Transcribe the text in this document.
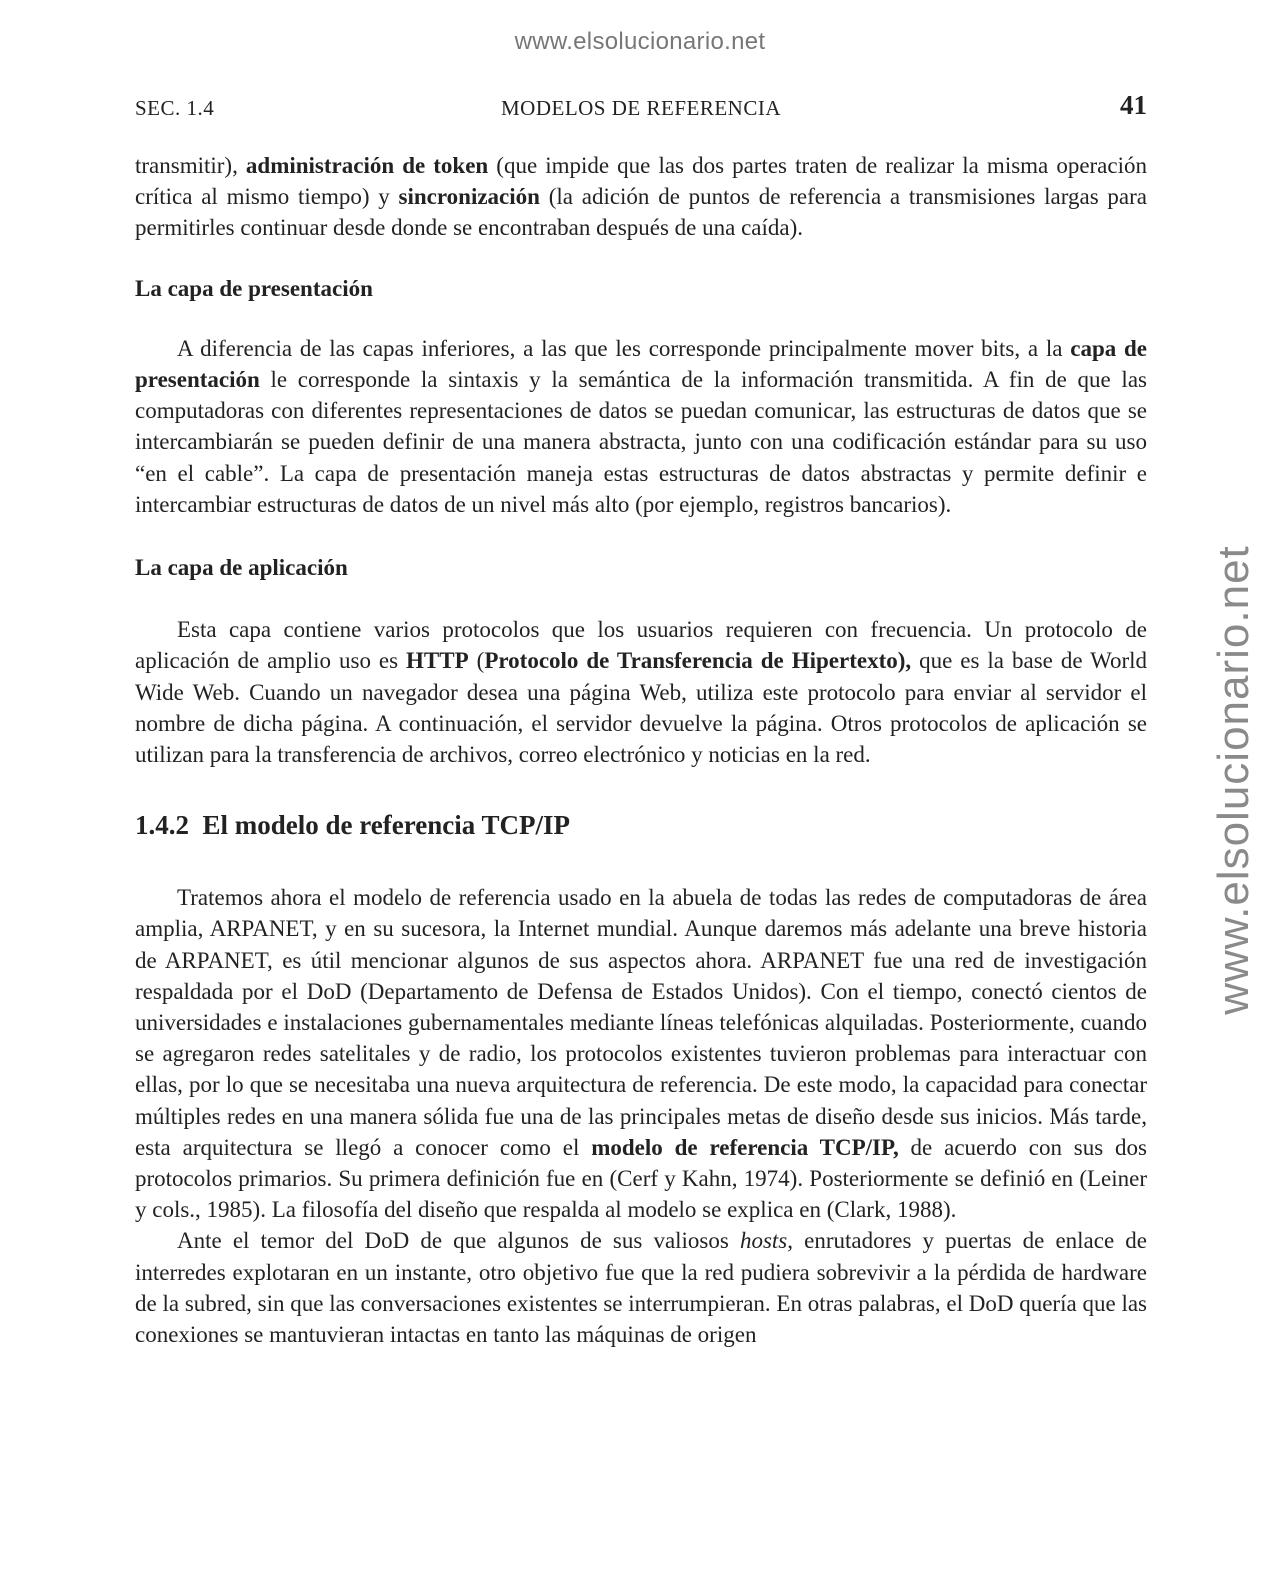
www.elsolucionario.net
www.elsolucionario.net
SEC. 1.4	MODELOS DE REFERENCIA	41

transmitir), administración de token (que impide que las dos partes traten de realizar la misma operación crítica al mismo tiempo) y sincronización (la adición de puntos de referencia a transmisiones largas para permitirles continuar desde donde se encontraban después de una caída).

La capa de presentación

A diferencia de las capas inferiores, a las que les corresponde principalmente mover bits, a la capa de presentación le corresponde la sintaxis y la semántica de la información transmitida. A fin de que las computadoras con diferentes representaciones de datos se puedan comunicar, las estructuras de datos que se intercambiarán se pueden definir de una manera abstracta, junto con una codificación estándar para su uso “en el cable”. La capa de presentación maneja estas estructuras de datos abstractas y permite definir e intercambiar estructuras de datos de un nivel más alto (por ejemplo, registros bancarios).

La capa de aplicación

Esta capa contiene varios protocolos que los usuarios requieren con frecuencia. Un protocolo de aplicación de amplio uso es HTTP (Protocolo de Transferencia de Hipertexto), que es la base de World Wide Web. Cuando un navegador desea una página Web, utiliza este protocolo para enviar al servidor el nombre de dicha página. A continuación, el servidor devuelve la página. Otros protocolos de aplicación se utilizan para la transferencia de archivos, correo electrónico y noticias en la red.

1.4.2  El modelo de referencia TCP/IP

Tratemos ahora el modelo de referencia usado en la abuela de todas las redes de computadoras de área amplia, ARPANET, y en su sucesora, la Internet mundial. Aunque daremos más adelante una breve historia de ARPANET, es útil mencionar algunos de sus aspectos ahora. ARPANET fue una red de investigación respaldada por el DoD (Departamento de Defensa de Estados Unidos). Con el tiempo, conectó cientos de universidades e instalaciones gubernamentales mediante líneas telefónicas alquiladas. Posteriormente, cuando se agregaron redes satelitales y de radio, los protocolos existentes tuvieron problemas para interactuar con ellas, por lo que se necesitaba una nueva arquitectura de referencia. De este modo, la capacidad para conectar múltiples redes en una manera sólida fue una de las principales metas de diseño desde sus inicios. Más tarde, esta arquitectura se llegó a conocer como el modelo de referencia TCP/IP, de acuerdo con sus dos protocolos primarios. Su primera definición fue en (Cerf y Kahn, 1974). Posteriormente se definió en (Leiner y cols., 1985). La filosofía del diseño que respalda al modelo se explica en (Clark, 1988).

Ante el temor del DoD de que algunos de sus valiosos hosts, enrutadores y puertas de enlace de interredes explotaran en un instante, otro objetivo fue que la red pudiera sobrevivir a la pérdida de hardware de la subred, sin que las conversaciones existentes se interrumpieran. En otras palabras, el DoD quería que las conexiones se mantuvieran intactas en tanto las máquinas de origen
